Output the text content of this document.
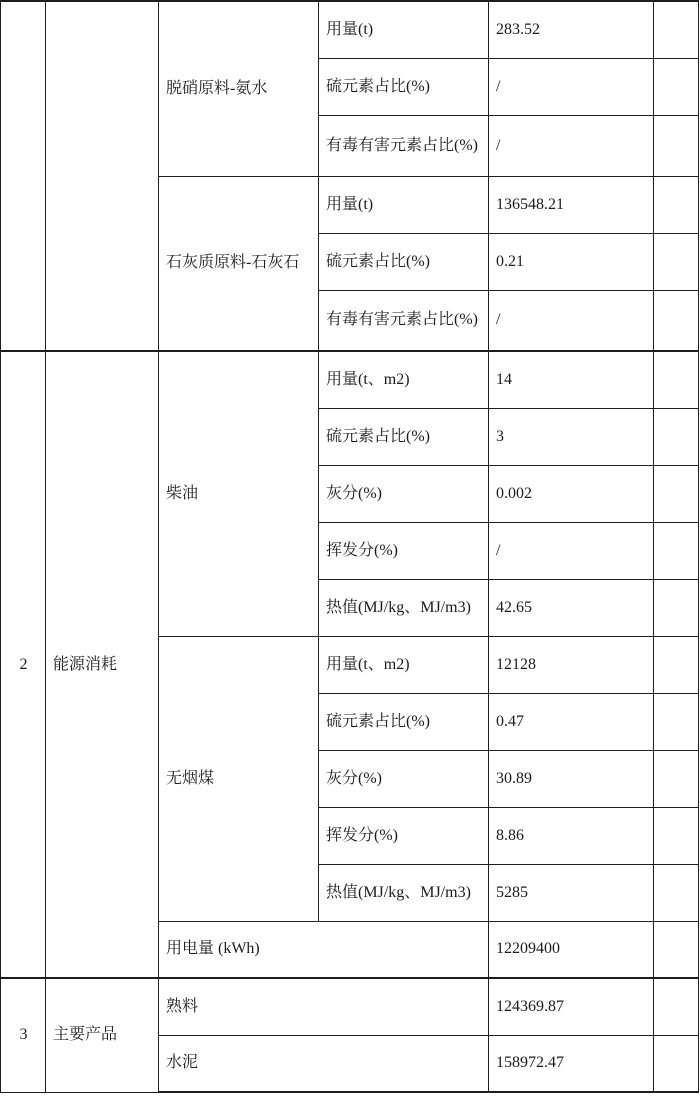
		脱硝原料-氨水	用量(t)	283.52	
			硫元素占比(%)	/	
			有毒有害元素占比(%)	/	
		石灰质原料-石灰石	用量(t)	136548.21	
			硫元素占比(%)	0.21	
			有毒有害元素占比(%)	/	
2	能源消耗	柴油	用量(t、m2)	14	
			硫元素占比(%)	3	
			灰分(%)	0.002	
			挥发分(%)	/	
			热值(MJ/kg、MJ/m3)	42.65	
		无烟煤	用量(t、m2)	12128	
			硫元素占比(%)	0.47	
			灰分(%)	30.89	
			挥发分(%)	8.86	
			热值(MJ/kg、MJ/m3)	5285	
		用电量 (kWh)		12209400	
3	主要产品	熟料		124369.87	
		水泥		158972.47	
